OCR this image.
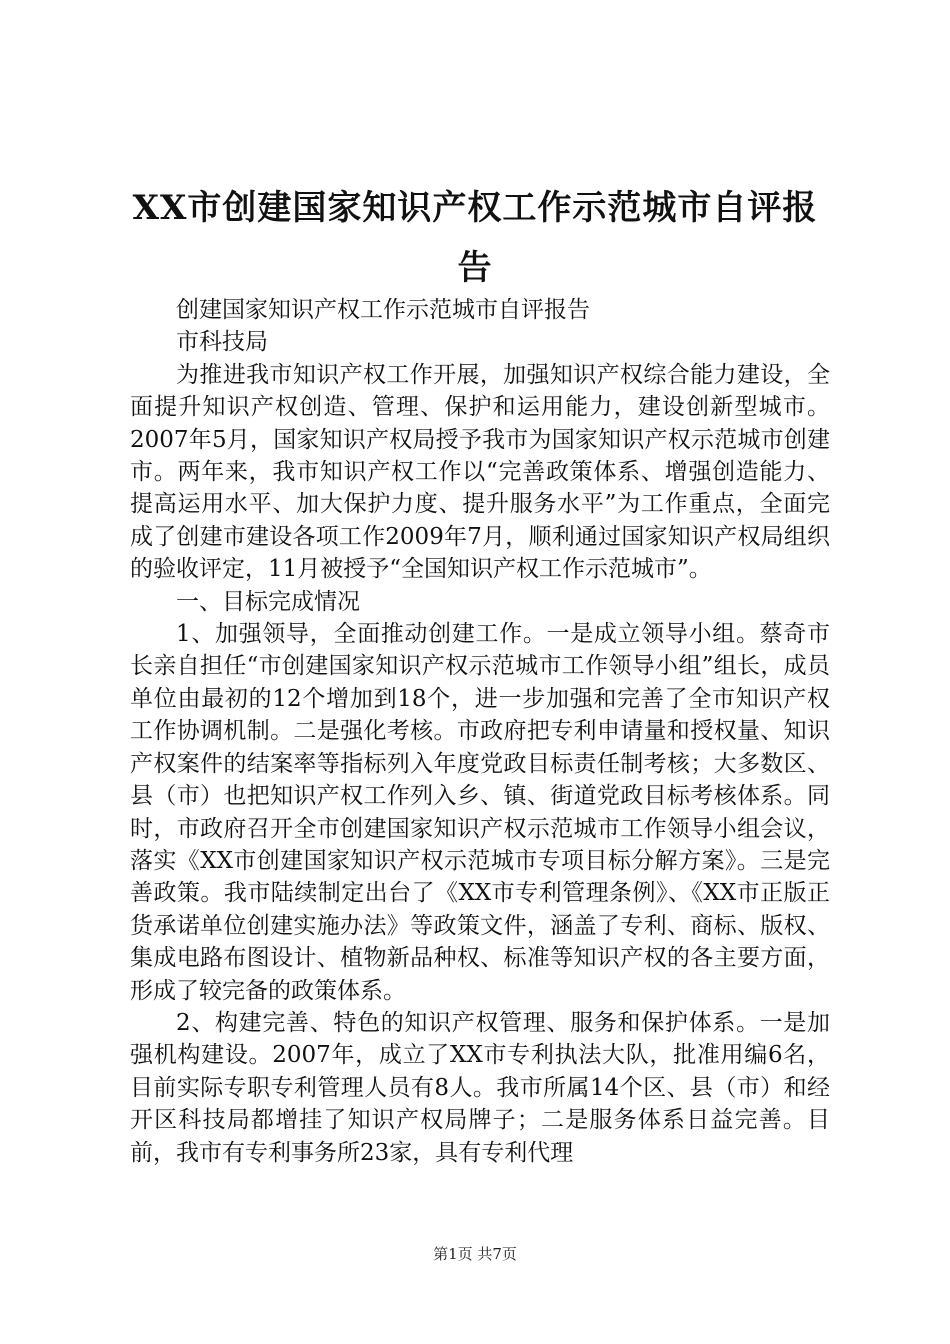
XX市创建国家知识产权工作示范城市自评报告

创建国家知识产权工作示范城市自评报告

市科技局

为推进我市知识产权工作开展，加强知识产权综合能力建设，全面提升知识产权创造、管理、保护和运用能力，建设创新型城市。2007年5月，国家知识产权局授予我市为国家知识产权示范城市创建市。两年来，我市知识产权工作以“完善政策体系、增强创造能力、提高运用水平、加大保护力度、提升服务水平”为工作重点，全面完成了创建市建设各项工作2009年7月，顺利通过国家知识产权局组织的验收评定，11月被授予“全国知识产权工作示范城市”。

一、目标完成情况

1、加强领导，全面推动创建工作。一是成立领导小组。蔡奇市长亲自担任“市创建国家知识产权示范城市工作领导小组”组长，成员单位由最初的12个增加到18个，进一步加强和完善了全市知识产权工作协调机制。二是强化考核。市政府把专利申请量和授权量、知识产权案件的结案率等指标列入年度党政目标责任制考核；大多数区、县（市）也把知识产权工作列入乡、镇、街道党政目标考核体系。同时，市政府召开全市创建国家知识产权示范城市工作领导小组会议，落实《XX市创建国家知识产权示范城市专项目标分解方案》。三是完善政策。我市陆续制定出台了《XX市专利管理条例》、《XX市正版正货承诺单位创建实施办法》等政策文件，涵盖了专利、商标、版权、集成电路布图设计、植物新品种权、标准等知识产权的各主要方面，形成了较完备的政策体系。

2、构建完善、特色的知识产权管理、服务和保护体系。一是加强机构建设。2007年，成立了XX市专利执法大队，批准用编6名，目前实际专职专利管理人员有8人。我市所属14个区、县（市）和经开区科技局都增挂了知识产权局牌子；二是服务体系日益完善。目前，我市有专利事务所23家，具有专利代理

第1页 共7页
